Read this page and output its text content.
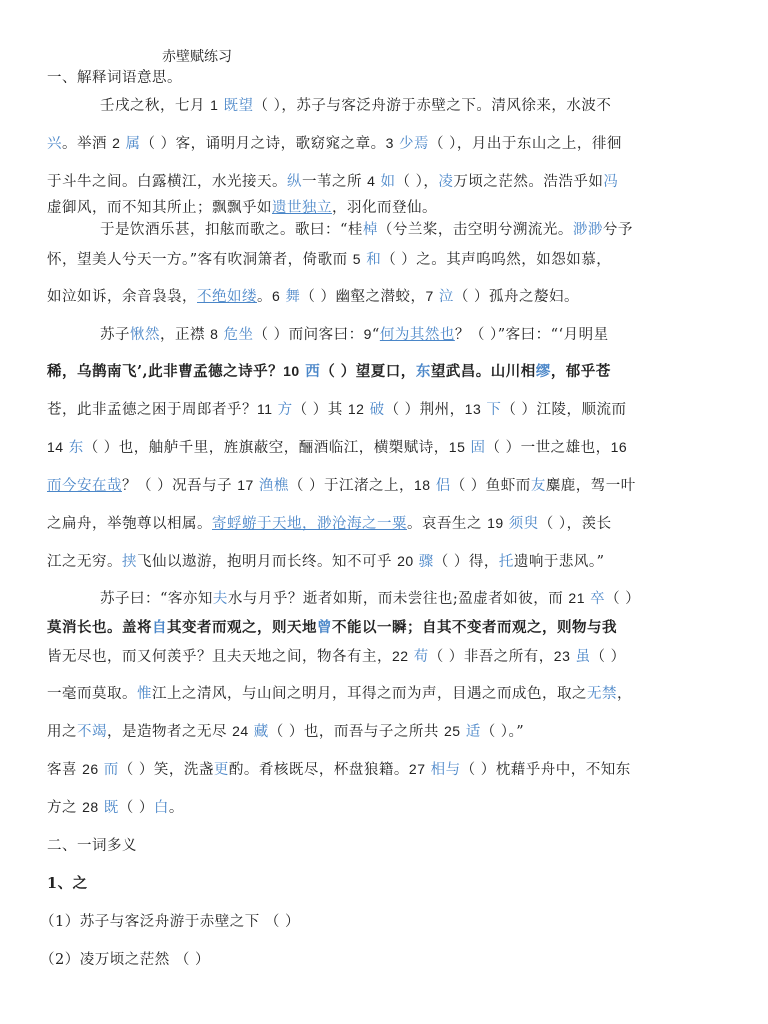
赤壁赋练习
一、解释词语意思。
壬戌之秋，七月 1 既望（ ），苏子与客泛舟游于赤壁之下。清风徐来，水波不
兴。举酒 2 属（ ）客，诵明月之诗，歌窈窕之章。3 少焉（ ），月出于东山之上，徘徊
于斗牛之间。白露横江，水光接天。纵一苇之所 4 如（ ），凌万顷之茫然。浩浩乎如冯
虚御风，而不知其所止；飘飘乎如遗世独立，羽化而登仙。
于是饮酒乐甚，扣舷而歌之。歌曰：“桂棹（兮兰桨，击空明兮溯流光。渺渺兮予
怀，望美人兮天一方。”客有吹洞箫者，倚歌而 5 和（ ）之。其声呜呜然，如怨如慕，
如泣如诉，余音袅袅，不绝如缕。6 舞（ ）幽壑之潜蛟，7 泣（ ）孤舟之嫠妇。
苏子愀然，正襟 8 危坐（ ）而问客曰：9“何为其然也？（ ）”客曰：“‘月明星
稀，乌鹊南飞’,此非曹孟德之诗乎？10 西（ ）望夏口，东望武昌。山川相缪，郁乎苍
苍，此非孟德之困于周郎者乎？11 方（ ）其 12 破（ ）荆州，13 下（ ）江陵，顺流而
14 东（ ）也，舳舻千里，旌旗蔽空，酾酒临江，横槊赋诗，15 固（ ）一世之雄也，16
而今安在哉？（ ）况吾与子 17 渔樵（ ）于江渚之上，18 侣（ ）鱼虾而友麋鹿，驾一叶
之扁舟，举匏尊以相属。寄蜉蝣于天地，渺沧海之一粟。哀吾生之 19 须臾（ ），羡长
江之无穷。挟飞仙以遨游，抱明月而长终。知不可乎 20 骤（ ）得，托遗响于悲风。”
苏子曰：“客亦知夫水与月乎？逝者如斯，而未尝往也;盈虚者如彼，而 21 卒（ ）
莫消长也。盖将自其变者而观之，则天地曾不能以一瞬；自其不变者而观之，则物与我
皆无尽也，而又何羡乎？且夫天地之间，物各有主，22 苟（ ）非吾之所有，23 虽（ ）
一毫而莫取。惟江上之清风，与山间之明月，耳得之而为声，目遇之而成色，取之无禁，
用之不竭，是造物者之无尽 24 藏（ ）也，而吾与子之所共 25 适（ ）。”
客喜 26 而（ ）笑，洗盏更酌。肴核既尽，杯盘狼籍。27 相与（ ）枕藉乎舟中，不知东
方之 28 既（ ）白。
二、一词多义
1、之
（1）苏子与客泛舟游于赤壁之下 （ ）
（2）凌万顷之茫然 （ ）
